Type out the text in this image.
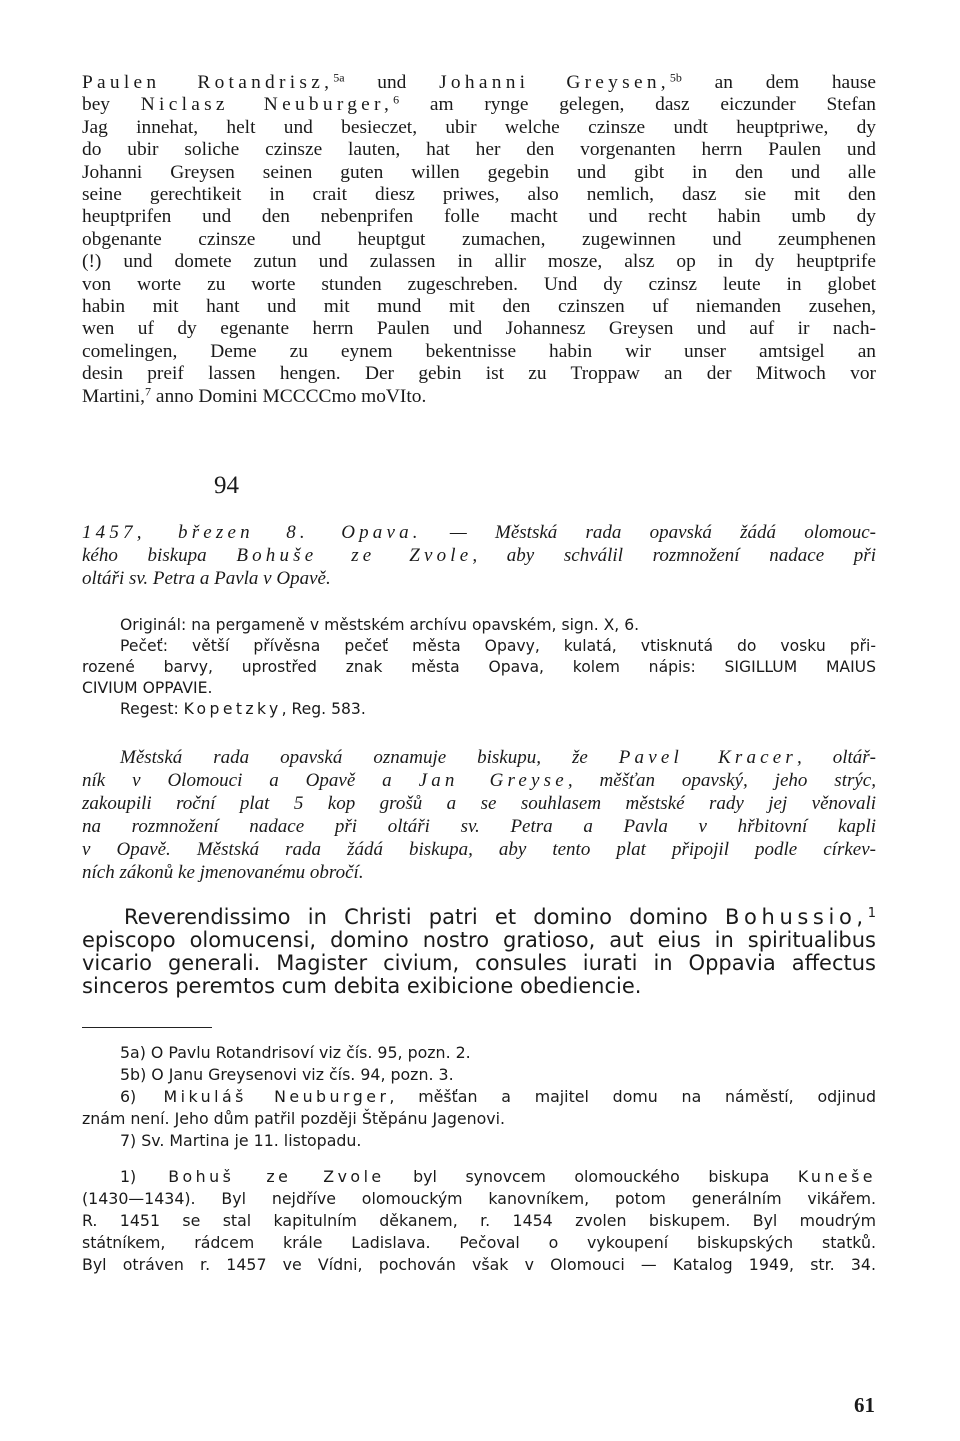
Paulen Rotandrisz,$^{5a}$ und Johanni Greysen,$^{5b}$ an dem hause
bey Niclasz Neuburger,$^6$ am rynge gelegen, dasz eiczunder Stefan
Jag innehat, helt und besieczet, ubir welche czinsze undt heuptpriwe, dy
do ubir soliche czinsze lauten, hat her den vorgenanten herrn Paulen und
Johanni Greysen seinen guten willen gegebin und gibt in den und alle
seine gerechtikeit in crait diesz priwes, also nemlich, dasz sie mit den
heuptprifen und den nebenprifen folle macht und recht habin umb dy
obgenante czinsze und heuptgut zumachen, zugewinnen und zeumphenen
(!) und domete zutun und zulassen in allir mosze, alsz op in dy heuptprife
von worte zu worte stunden zugeschreben. Und dy czinsz leute in globet
habin mit hant und mit mund mit den czinszen uf niemanden zusehen,
wen uf dy egenante herrn Paulen und Johannesz Greysen und auf ir nach-
comelingen, Deme zu eynem bekentnisse habin wir unser amtsigel an
desin preif lassen hengen. Der gebin ist zu Troppaw an der Mitwoch vor
Martini,$^7$ anno Domini MCCCCmo moVIto.
94
1457, březen 8. Opava. — Městská rada opavská žádá olomouc-
kého biskupa Bohuše ze Zvole, aby schválil rozmnožení nadace při
oltáři sv. Petra a Pavla v Opavě.
Originál: na pergameně v městském archívu opavském, sign. X, 6.
Pečeť: větší přívěsna pečeť města Opavy, kulatá, vtisknutá do vosku při-
rozené barvy, uprostřed znak města Opava, kolem nápis: SIGILLUM MAIUS
CIVIUM OPPAVIE.
Regest: Kopetzky, Reg. 583.
Městská rada opavská oznamuje biskupu, že Pavel Kracer, oltář-
ník v Olomouci a Opavě a Jan Greyse, měšťan opavský, jeho strýc,
zakoupili roční plat 5 kop grošů a se souhlasem městské rady jej věnovali
na rozmnožení nadace při oltáři sv. Petra a Pavla v hřbitovní kapli
v Opavě. Městská rada žádá biskupa, aby tento plat připojil podle církev-
ních zákonů ke jmenovanému obročí.
Reverendissimo in Christi patri et domino domino Bohussio,$^1$
episcopo olomucensi, domino nostro gratioso, aut eius in spiritualibus
vicario generali. Magister civium, consules iurati in Oppavia affectus
sinceros peremtos cum debita exibicione obediencie.
5a) O Pavlu Rotandrisoví viz čís. 95, pozn. 2.
5b) O Janu Greysenovi viz čís. 94, pozn. 3.
6) Mikuláš Neuburger, měšťan a majitel domu na náměstí, odjinud
znám není. Jeho dům patřil později Štěpánu Jagenovi.
7) Sv. Martina je 11. listopadu.
1) Bohuš ze Zvole byl synovcem olomouckého biskupa Kuneše
(1430—1434). Byl nejdříve olomouckým kanovníkem, potom generálním vikářem.
R. 1451 se stal kapitulním děkanem, r. 1454 zvolen biskupem. Byl moudrým
státníkem, rádcem krále Ladislava. Pečoval o vykoupení biskupských statků.
Byl otráven r. 1457 ve Vídni, pochován však v Olomouci — Katalog 1949, str. 34.
61
